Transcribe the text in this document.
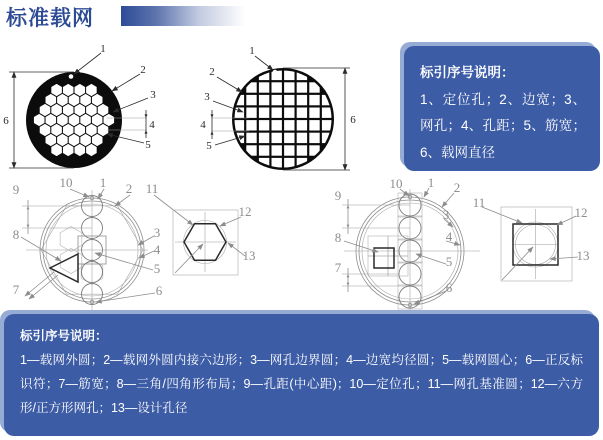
标准载网
1
2
3
4
5
6
1
2
3
4
5
6
标引序号说明：

1、定位孔；2、边宽；3、网孔；4、孔距；5、筋宽；6、载网直径

9	10 1 2 11
3
4
5
6
8
7
12
13
9
10 1 2
3
4
5
6
8
7
11
12
13
标引序号说明：

1—载网外圆；2—载网外圆内接六边形；3—网孔边界圆；4—边宽均径圆；5—载网圆心；6—正反标识符；7—筋宽；8—三角/四角形布局；9—孔距(中心距)；10—定位孔；11—网孔基准圆；12—六方形/正方形网孔；13—设计孔径
